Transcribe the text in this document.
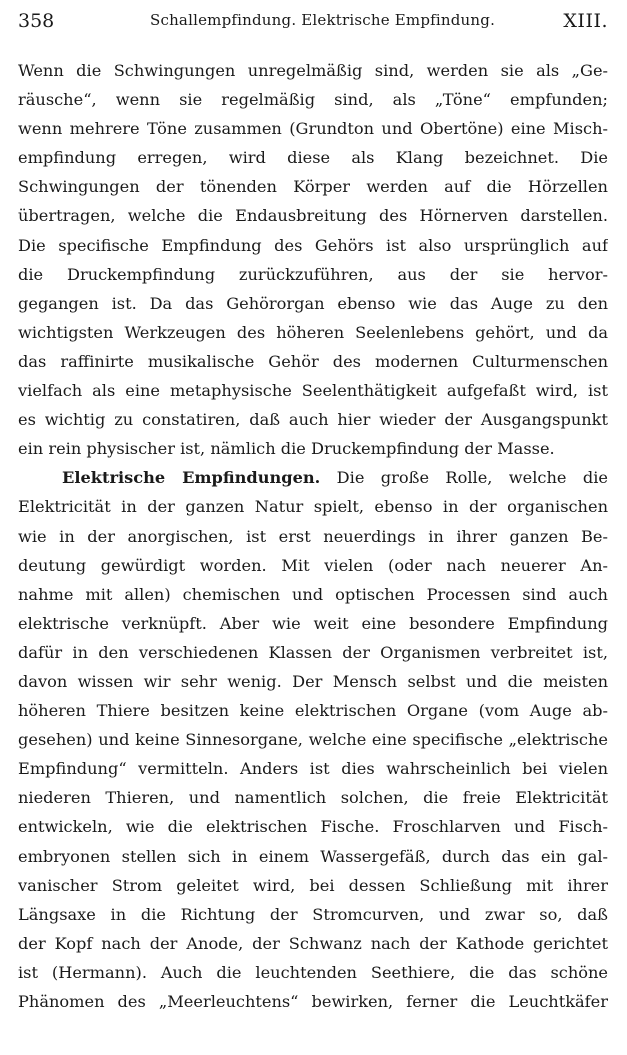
358	Schallempfindung. Elektrische Empfindung.	XIII.
Wenn die Schwingungen unregelmäßig sind, werden sie als „Ge-
räusche“, wenn sie regelmäßig sind, als „Töne“ empfunden;
wenn mehrere Töne zusammen (Grundton und Obertöne) eine Misch-
empfindung erregen, wird diese als Klang bezeichnet. Die
Schwingungen der tönenden Körper werden auf die Hörzellen
übertragen, welche die Endausbreitung des Hörnerven darstellen.
Die specifische Empfindung des Gehörs ist also ursprünglich auf
die Druckempfindung zurückzuführen, aus der sie hervor-
gegangen ist. Da das Gehörorgan ebenso wie das Auge zu den
wichtigsten Werkzeugen des höheren Seelenlebens gehört, und da
das raffinirte musikalische Gehör des modernen Culturmenschen
vielfach als eine metaphysische Seelenthätigkeit aufgefaßt wird, ist
es wichtig zu constatiren, daß auch hier wieder der Ausgangspunkt
ein rein physischer ist, nämlich die Druckempfindung der Masse.
Elektrische Empfindungen. Die große Rolle, welche die
Elektricität in der ganzen Natur spielt, ebenso in der organischen
wie in der anorgischen, ist erst neuerdings in ihrer ganzen Be-
deutung gewürdigt worden. Mit vielen (oder nach neuerer An-
nahme mit allen) chemischen und optischen Processen sind auch
elektrische verknüpft. Aber wie weit eine besondere Empfindung
dafür in den verschiedenen Klassen der Organismen verbreitet ist,
davon wissen wir sehr wenig. Der Mensch selbst und die meisten
höheren Thiere besitzen keine elektrischen Organe (vom Auge ab-
gesehen) und keine Sinnesorgane, welche eine specifische „elektrische
Empfindung“ vermitteln. Anders ist dies wahrscheinlich bei vielen
niederen Thieren, und namentlich solchen, die freie Elektricität
entwickeln, wie die elektrischen Fische. Froschlarven und Fisch-
embryonen stellen sich in einem Wassergefäß, durch das ein gal-
vanischer Strom geleitet wird, bei dessen Schließung mit ihrer
Längsaxe in die Richtung der Stromcurven, und zwar so, daß
der Kopf nach der Anode, der Schwanz nach der Kathode gerichtet
ist (Hermann). Auch die leuchtenden Seethiere, die das schöne
Phänomen des „Meerleuchtens“ bewirken, ferner die Leuchtkäfer
